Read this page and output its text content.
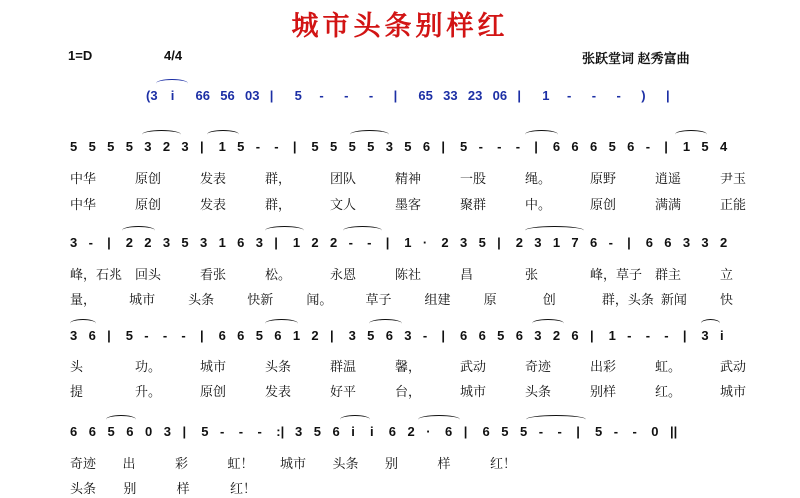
城市头条别样红
1=D	4/4	张跃堂词 赵秀富曲
(3 i 66 56 03 | 5 - - - | 65 33 23 06 | 1 - - - ) |
5 5 5 5 3 2 3 | 1 5 - - | 5 5 5 5 3 5 6 | 5 - - - | 6 6 6 5 6 - | 1 5 4
中华	原创	发表	群，	团队	精神	一股	绳。	原野	逍遥	尹玉
中华	原创	发表	群，	文人	墨客	聚群	中。	原创	满满	正能
3 - | 2 2 3 5 3 1 6 3 | 1 2 2 - - | 1 · 2 3 5 | 2 3 1 7 6 - | 6 6 3 3 2
峰，石兆 回头	看张	松。	永恩	陈社	昌	张	峰，草子 群主	立
量，	城市	头条	快新	闻。	草子	组建	原	创	群，头条 新闻	快
3 6 | 5 - - - | 6 6 5 6 1 2 | 3 5 6 3 - | 6 6 5 6 3 2 6 | 1 - - - | 3 i
头	功。	城市	头条	群温	馨，	武动	奇迹	出彩	虹。	武动
提	升。	原创	发表	好平	台，	城市	头条	别样	红。	城市
6 6 5 6 0 3 | 5 - - - :| 3 5 6 i i 6 2 · 6 | 6 5 5 - - | 5 - - 0 ||
奇迹 出	彩	虹！ 城市 头条 别	样	红！
头条 别	样	红！
